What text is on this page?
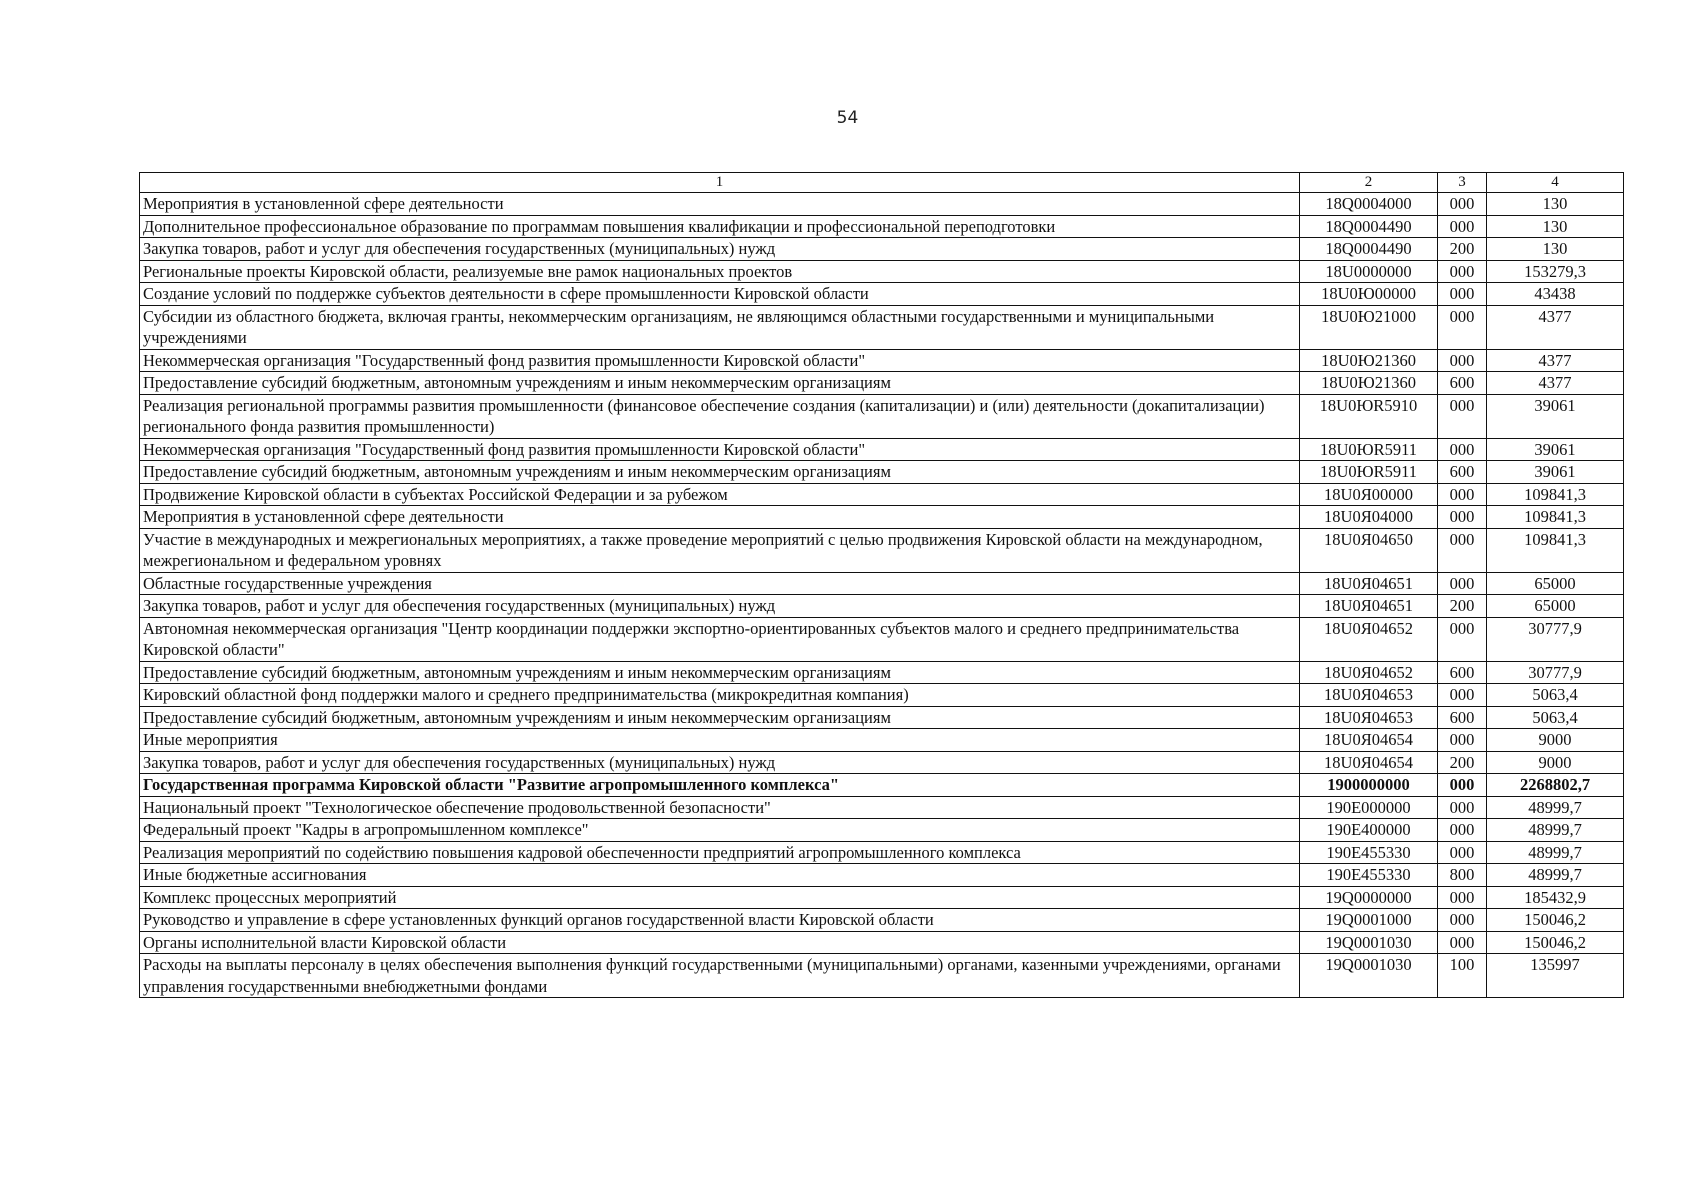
54
1	2	3	4
Мероприятия в установленной сфере деятельности	18Q0004000	000	130
Дополнительное профессиональное образование по программам повышения квалификации и профессиональной переподготовки	18Q0004490	000	130
Закупка товаров, работ и услуг для обеспечения государственных (муниципальных) нужд	18Q0004490	200	130
Региональные проекты Кировской области, реализуемые вне рамок национальных проектов	18U0000000	000	153279,3
Создание условий по поддержке субъектов деятельности в сфере промышленности Кировской области	18U0Ю00000	000	43438
Субсидии из областного бюджета, включая гранты, некоммерческим организациям, не являющимся областными государственными и муниципальными учреждениями	18U0Ю21000	000	4377
Некоммерческая организация "Государственный фонд развития промышленности Кировской области"	18U0Ю21360	000	4377
Предоставление субсидий бюджетным, автономным учреждениям и иным некоммерческим организациям	18U0Ю21360	600	4377
Реализация региональной программы развития промышленности (финансовое обеспечение создания (капитализации) и (или) деятельности (докапитализации) регионального фонда развития промышленности)	18U0ЮR5910	000	39061
Некоммерческая организация "Государственный фонд развития промышленности Кировской области"	18U0ЮR5911	000	39061
Предоставление субсидий бюджетным, автономным учреждениям и иным некоммерческим организациям	18U0ЮR5911	600	39061
Продвижение Кировской области в субъектах Российской Федерации и за рубежом	18U0Я00000	000	109841,3
Мероприятия в установленной сфере деятельности	18U0Я04000	000	109841,3
Участие в международных и межрегиональных мероприятиях, а также проведение мероприятий с целью продвижения Кировской области на международном, межрегиональном и федеральном уровнях	18U0Я04650	000	109841,3
Областные государственные учреждения	18U0Я04651	000	65000
Закупка товаров, работ и услуг для обеспечения государственных (муниципальных) нужд	18U0Я04651	200	65000
Автономная некоммерческая организация "Центр координации поддержки экспортно-ориентированных субъектов малого и среднего предпринимательства Кировской области"	18U0Я04652	000	30777,9
Предоставление субсидий бюджетным, автономным учреждениям и иным некоммерческим организациям	18U0Я04652	600	30777,9
Кировский областной фонд поддержки малого и среднего предпринимательства (микрокредитная компания)	18U0Я04653	000	5063,4
Предоставление субсидий бюджетным, автономным учреждениям и иным некоммерческим организациям	18U0Я04653	600	5063,4
Иные мероприятия	18U0Я04654	000	9000
Закупка товаров, работ и услуг для обеспечения государственных (муниципальных) нужд	18U0Я04654	200	9000
Государственная программа Кировской области "Развитие агропромышленного комплекса"	1900000000	000	2268802,7
Национальный проект "Технологическое обеспечение продовольственной безопасности"	190E000000	000	48999,7
Федеральный проект "Кадры в агропромышленном комплексе"	190E400000	000	48999,7
Реализация мероприятий по содействию повышения кадровой обеспеченности предприятий агропромышленного комплекса	190E455330	000	48999,7
Иные бюджетные ассигнования	190E455330	800	48999,7
Комплекс процессных мероприятий	19Q0000000	000	185432,9
Руководство и управление в сфере установленных функций органов государственной власти Кировской области	19Q0001000	000	150046,2
Органы исполнительной власти Кировской области	19Q0001030	000	150046,2
Расходы на выплаты персоналу в целях обеспечения выполнения функций государственными (муниципальными) органами, казенными учреждениями, органами управления государственными внебюджетными фондами	19Q0001030	100	135997
